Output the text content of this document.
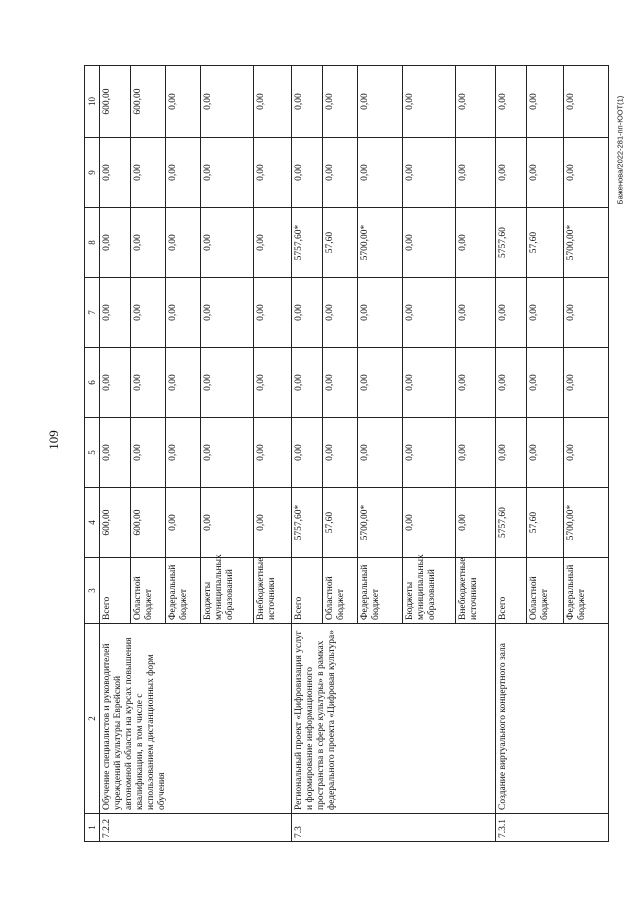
109
Баженова/2022-281-пп-ЮОТ(1)
1	2	3	4	5	6	7	8	9	10
7.2.2	Обучение специалистов и руководителей учреждений культуры Еврейской автономной области на курсах повышения квалификации, в том числе с использованием дистанционных форм обучения	Всего	600,00	0,00	0,00	0,00	0,00	0,00	600,00
		Областной бюджет	600,00	0,00	0,00	0,00	0,00	0,00	600,00
		Федеральный бюджет	0,00	0,00	0,00	0,00	0,00	0,00	0,00
		Бюджеты муниципальных образований	0,00	0,00	0,00	0,00	0,00	0,00	0,00
		Внебюджетные источники	0,00	0,00	0,00	0,00	0,00	0,00	0,00
7.3	Региональный проект «Цифровизация услуг и формирование информационного пространства в сфере культуры» в рамках федерального проекта «Цифровая культура»	Всего	5757,60*	0,00	0,00	0,00	5757,60*	0,00	0,00
		Областной бюджет	57,60	0,00	0,00	0,00	57,60	0,00	0,00
		Федеральный бюджет	5700,00*	0,00	0,00	0,00	5700,00*	0,00	0,00
		Бюджеты муниципальных образований	0,00	0,00	0,00	0,00	0,00	0,00	0,00
		Внебюджетные источники	0,00	0,00	0,00	0,00	0,00	0,00	0,00
7.3.1	Создание виртуального концертного зала	Всего	5757,60	0,00	0,00	0,00	5757,60	0,00	0,00
		Областной бюджет	57,60	0,00	0,00	0,00	57,60	0,00	0,00
		Федеральный бюджет	5700,00*	0,00	0,00	0,00	5700,00*	0,00	0,00
